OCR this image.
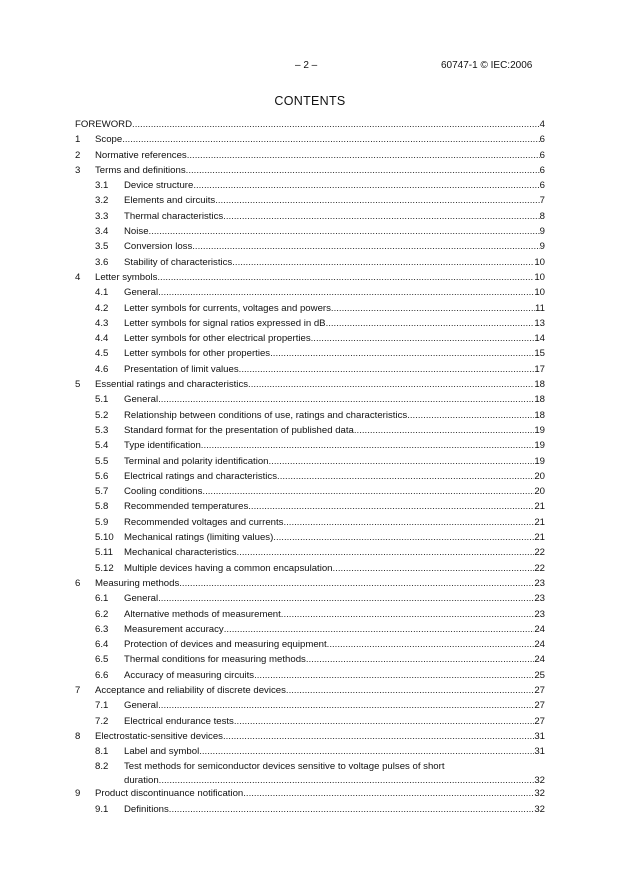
– 2 –	60747-1 © IEC:2006
CONTENTS
FOREWORD .....	4
1 Scope .....	6
2 Normative references .....	6
3 Terms and definitions .....	6
3.1 Device structure .....	6
3.2 Elements and circuits .....	7
3.3 Thermal characteristics .....	8
3.4 Noise .....	9
3.5 Conversion loss .....	9
3.6 Stability of characteristics .....	10
4 Letter symbols .....	10
4.1 General .....	10
4.2 Letter symbols for currents, voltages and powers .....	11
4.3 Letter symbols for signal ratios expressed in dB .....	13
4.4 Letter symbols for other electrical properties .....	14
4.5 Letter symbols for other properties .....	15
4.6 Presentation of limit values .....	17
5 Essential ratings and characteristics .....	18
5.1 General .....	18
5.2 Relationship between conditions of use, ratings and characteristics .....	18
5.3 Standard format for the presentation of published data .....	19
5.4 Type identification .....	19
5.5 Terminal and polarity identification .....	19
5.6 Electrical ratings and characteristics .....	20
5.7 Cooling conditions .....	20
5.8 Recommended temperatures .....	21
5.9 Recommended voltages and currents .....	21
5.10 Mechanical ratings (limiting values) .....	21
5.11 Mechanical characteristics .....	22
5.12 Multiple devices having a common encapsulation .....	22
6 Measuring methods .....	23
6.1 General .....	23
6.2 Alternative methods of measurement .....	23
6.3 Measurement accuracy .....	24
6.4 Protection of devices and measuring equipment .....	24
6.5 Thermal conditions for measuring methods .....	24
6.6 Accuracy of measuring circuits .....	25
7 Acceptance and reliability of discrete devices .....	27
7.1 General .....	27
7.2 Electrical endurance tests .....	27
8 Electrostatic-sensitive devices .....	31
8.1 Label and symbol .....	31
8.2 Test methods for semiconductor devices sensitive to voltage pulses of short
duration .....	32
9 Product discontinuance notification .....	32
9.1 Definitions .....	32
